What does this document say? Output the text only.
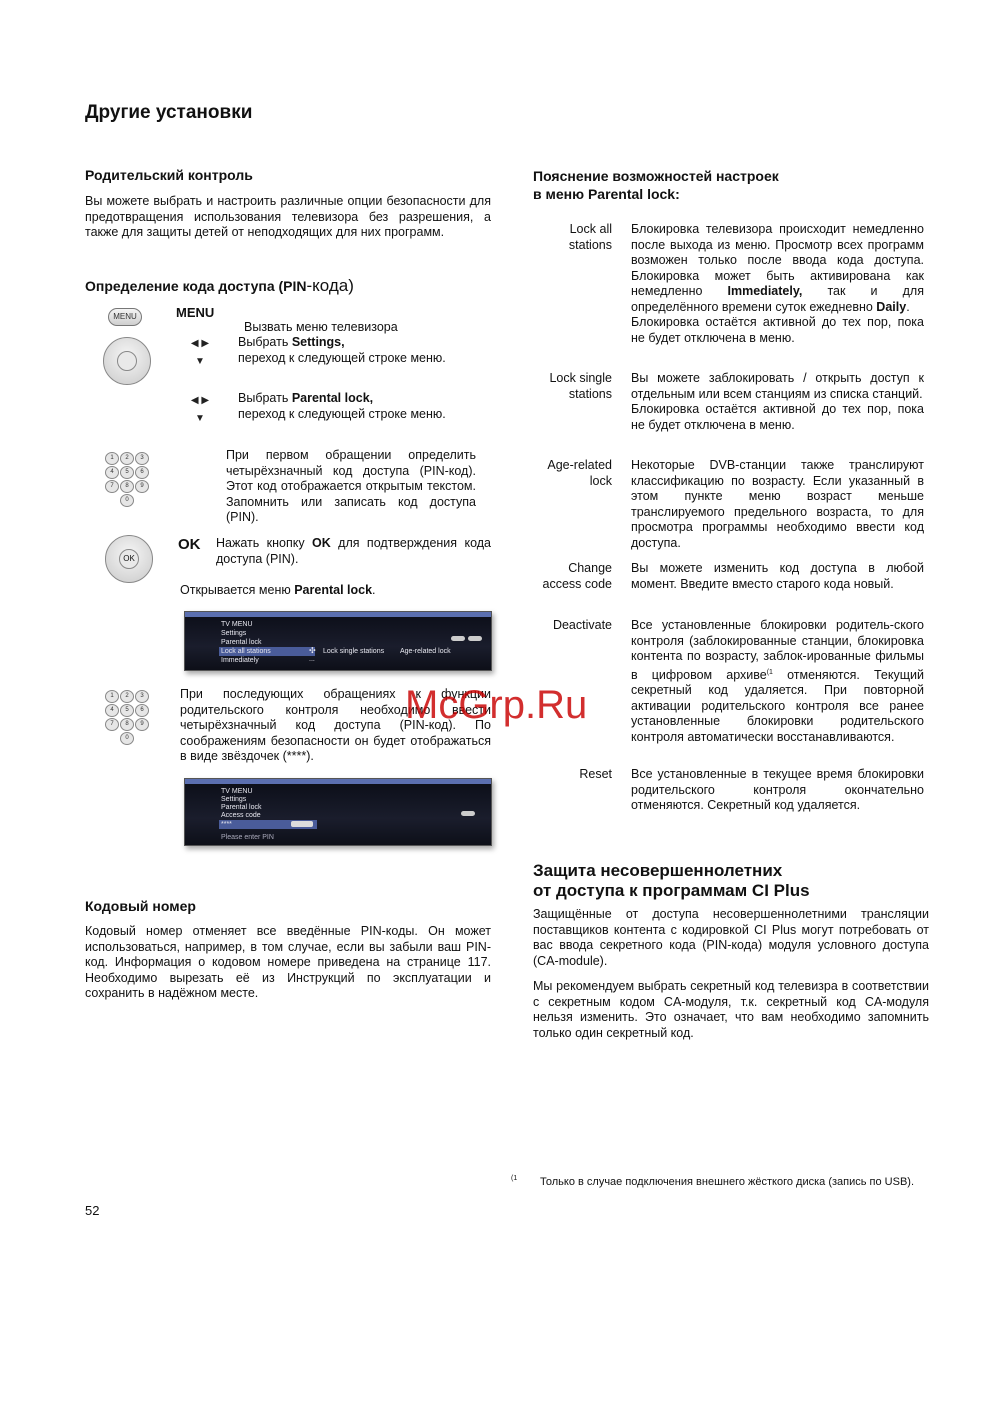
Другие установки
Родительский контроль
Вы можете выбрать и настроить различные опции безопасности для предотвращения использования телевизора без разрешения, а также для защиты детей от неподходящих для них программ.
Определение кода доступа (PIN-кода)
MENU	MENU
Вызвать меню телевизора
◀ ▶
▼
Выбрать Settings,
переход к следующей строке меню.
◀ ▶
▼
Выбрать Parental lock,
переход к следующей строке меню.
1	2	3
4	5	6
7	8	9
0
При первом обращении определить четырёхзначный код доступа (PIN-код). Этот код отображается открытым текстом. Запомнить или записать код доступа (PIN).
OK
OK Нажать кнопку OK для подтверждения кода доступа (PIN).
Открывается меню Parental lock.
TV MENU
Settings
Parental lock
Lock all stations	✣ Lock single stations Age-related lock
Immediately	...
1	2	3
4	5	6
7	8	9
0
При последующих обращениях к функции родительского контроля необходимо ввести четырёхзначный код доступа (PIN-код). По соображениям безопасности он будет отображаться в виде звёздочек (****).
TV MENU
Settings
Parental lock
Access code
****
Please enter PIN
Кодовый номер
Кодовый номер отменяет все введённые PIN-коды. Он может использоваться, например, в том случае, если вы забыли ваш PIN-код. Информация о кодовом номере приведена на странице 117. Необходимо вырезать её из Инструкций по эксплуатации и сохранить в надёжном месте.
Пояснение возможностей настроек
в меню Parental lock:
Lock all stations
Блокировка телевизора происходит немедленно после выхода из меню. Просмотр всех программ возможен только после ввода кода доступа. Блокировка может быть активирована как немедленно Immediately, так и для определённого времени суток ежедневно Daily.
Блокировка остаётся активной до тех пор, пока не будет отключена в меню.
Lock single stations
Вы можете заблокировать / открыть доступ к отдельным или всем станциям из списка станций.
Блокировка остаётся активной до тех пор, пока не будет отключена в меню.
Age-related lock
Некоторые DVB-станции также транслируют классификацию по возрасту. Если указанный в этом пункте меню возраст меньше транслируемого предельного возраста, то для просмотра программы необходимо ввести код доступа.
Change access code
Вы можете изменить код доступа в любой момент. Введите вместо старого кода новый.
Deactivate Все установленные блокировки родитель-ского контроля (заблокированные станции, блокировка контента по возрасту, заблок-ированные фильмы в цифровом архиве$^{(1}$ отменяются. Текущий секретный код удаляется. При повторной активации родительского контроля все ранее установленные блокировки родительского контроля автоматически восстанавливаются.
Reset Все установленные в текущее время блокировки родительского контроля окончательно отменяются. Секретный код удаляется.
Защита несовершеннолетних
от доступа к программам CI Plus
Защищённые от доступа несовершеннолетними трансляции поставщиков контента с кодировкой CI Plus могут потребовать от вас ввода секретного кода (PIN-кода) модуля условного доступа (CA-module).
Мы рекомендуем выбрать секретный код телевизра в соответствии с секретным кодом CA-модуля, т.к. секретный код CA-модуля нельзя изменить. Это означает, что вам необходимо запомнить только один секретный код.
(1 Только в случае подключения внешнего жёсткого диска (запись по USB).
52
McGrp.Ru
